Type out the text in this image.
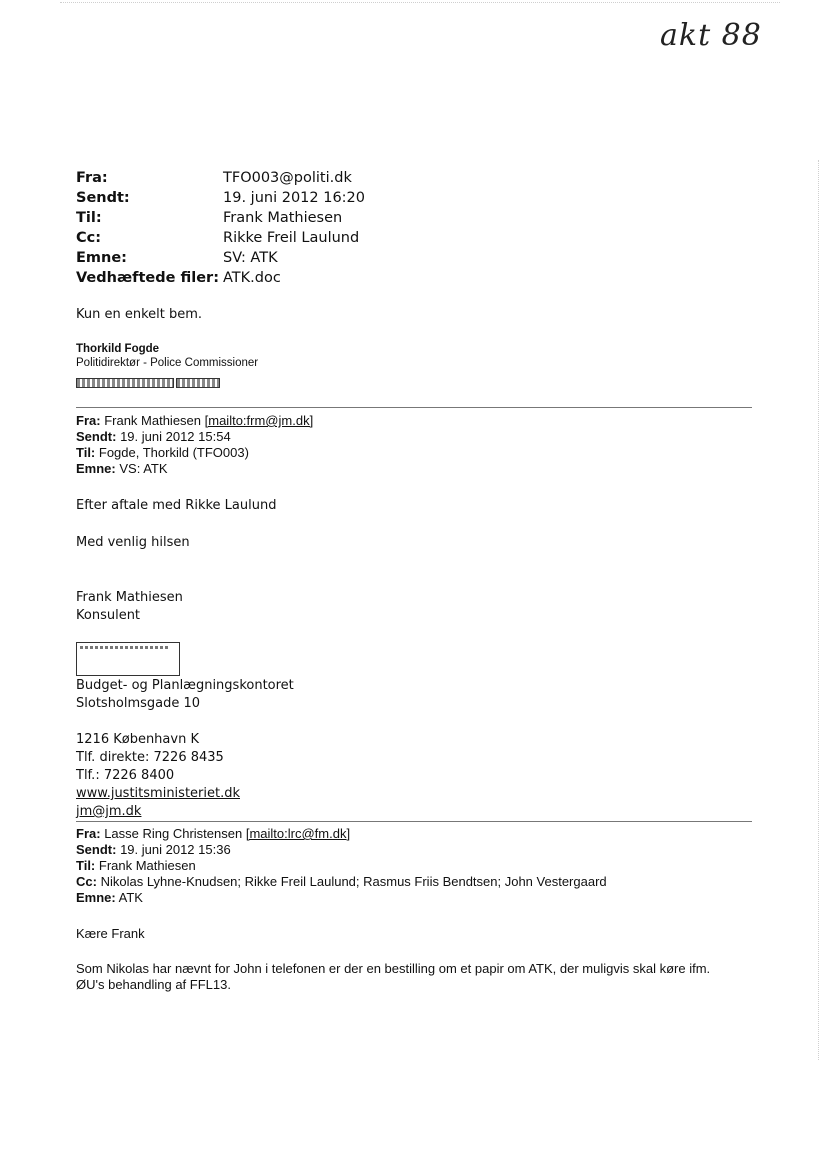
akt 88
Fra:	TFO003@politi.dk
Sendt:	19. juni 2012 16:20
Til:	Frank Mathiesen
Cc:	Rikke Freil Laulund
Emne:	SV: ATK
Vedhæftede filer: ATK.doc
Kun en enkelt bem.
Thorkild Fogde
Politidirektør - Police Commissioner
Fra: Frank Mathiesen [mailto:frm@jm.dk]
Sendt: 19. juni 2012 15:54
Til: Fogde, Thorkild (TFO003)
Emne: VS: ATK
Efter aftale med Rikke Laulund
Med venlig hilsen
Frank Mathiesen
Konsulent
Budget- og Planlægningskontoret
Slotsholmsgade 10
1216 København K
Tlf. direkte: 7226 8435
Tlf.: 7226 8400
www.justitsministeriet.dk
jm@jm.dk
Fra: Lasse Ring Christensen [mailto:lrc@fm.dk]
Sendt: 19. juni 2012 15:36
Til: Frank Mathiesen
Cc: Nikolas Lyhne-Knudsen; Rikke Freil Laulund; Rasmus Friis Bendtsen; John Vestergaard
Emne: ATK
Kære Frank
Som Nikolas har nævnt for John i telefonen er der en bestilling om et papir om ATK, der muligvis skal køre ifm.
ØU's behandling af FFL13.
